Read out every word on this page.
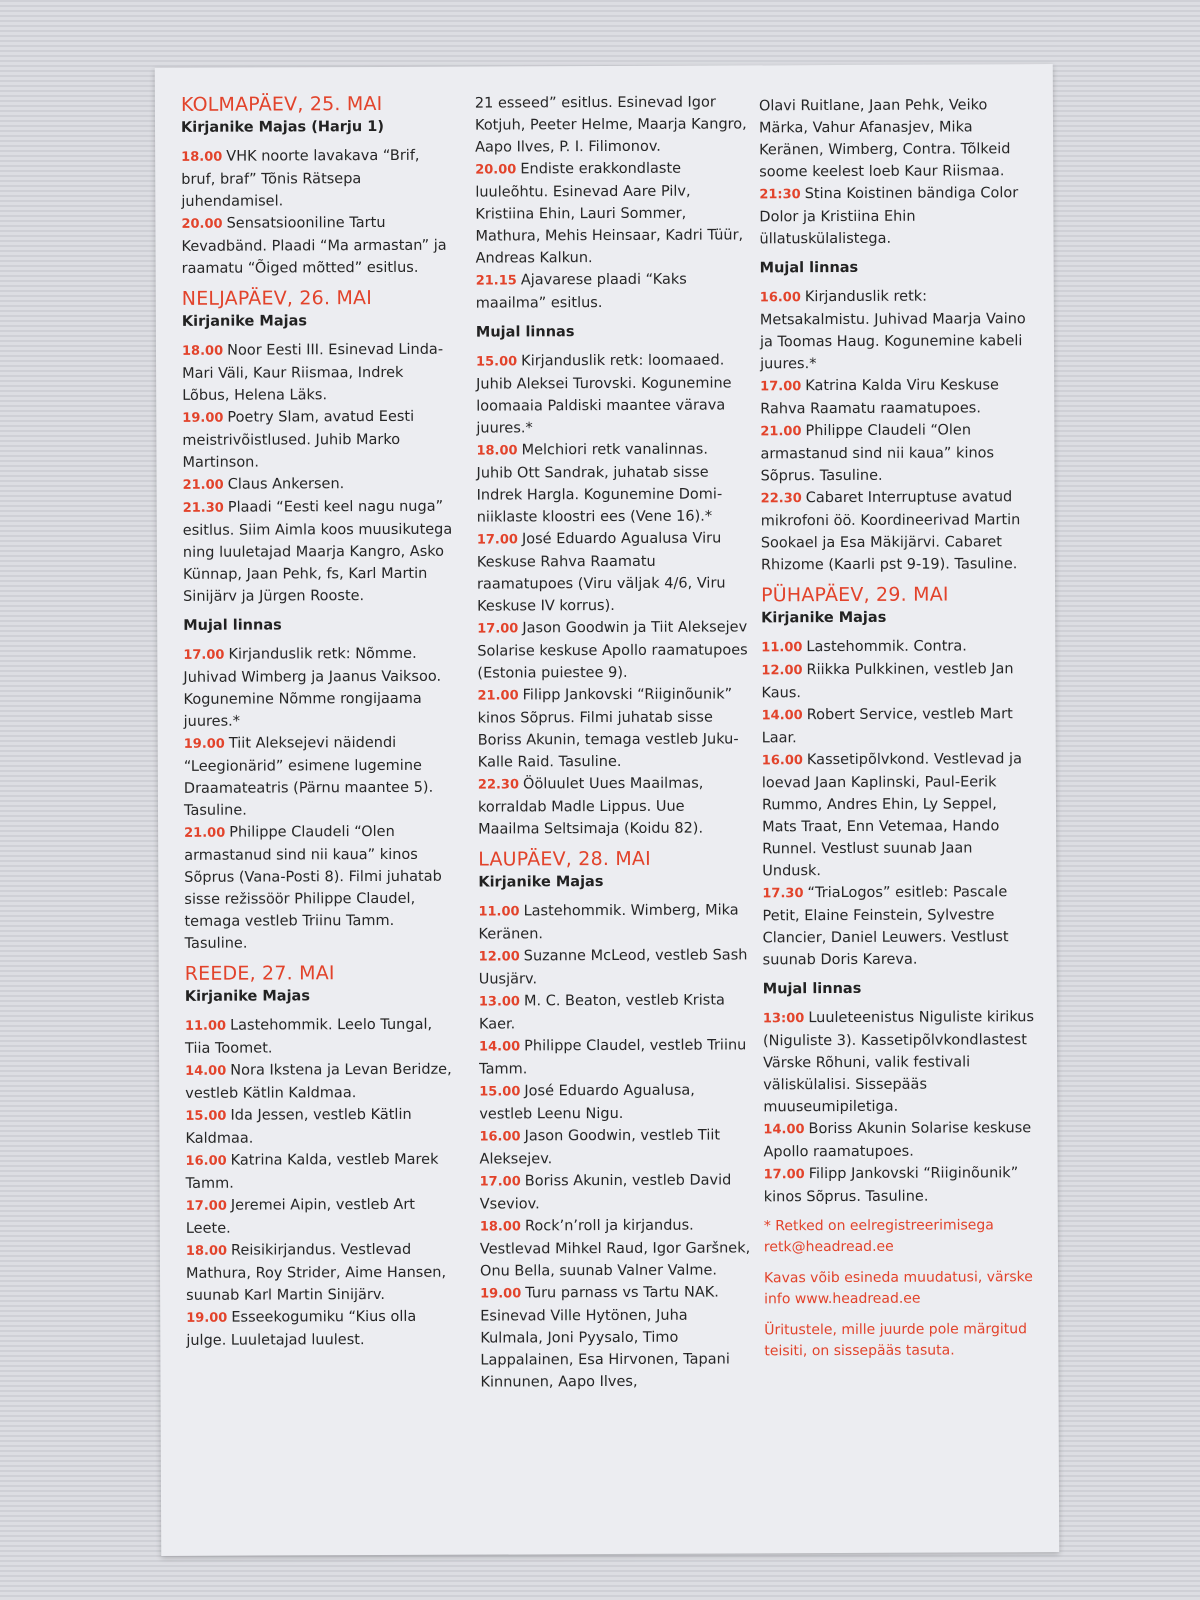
KOLMAPÄEV, 25. MAI
Kirjanike Majas (Harju 1)

18.00 VHK noorte lavakava “Brif, bruf, braf” Tõnis Rätsepa juhendamisel.

20.00 Sensatsiooniline Tartu Kevadbänd. Plaadi “Ma armastan” ja raamatu “Õiged mõtted” esitlus.

NELJAPÄEV, 26. MAI
Kirjanike Majas

18.00 Noor Eesti III. Esinevad Linda-Mari Väli, Kaur Riismaa, Indrek Lõbus, Helena Läks.

19.00 Poetry Slam, avatud Eesti meistrivõistlused. Juhib Marko Martinson.

21.00 Claus Ankersen.

21.30 Plaadi “Eesti keel nagu nuga” esitlus. Siim Aimla koos muusikutega ning luuletajad Maarja Kangro, Asko Künnap, Jaan Pehk, fs, Karl Martin Sinijärv ja Jürgen Rooste.

Mujal linnas

17.00 Kirjanduslik retk: Nõmme. Juhivad Wimberg ja Jaanus Vaiksoo. Kogunemine Nõmme rongijaama juures.*

19.00 Tiit Aleksejevi näidendi “Leegionärid” esimene lugemine Draamateatris (Pärnu maantee 5). Tasuline.

21.00 Philippe Claudeli “Olen armastanud sind nii kaua” kinos Sõprus (Vana-Posti 8). Filmi juhatab sisse režissöör Philippe Claudel, temaga vestleb Triinu Tamm. Tasuline.

REEDE, 27. MAI
Kirjanike Majas

11.00 Lastehommik. Leelo Tungal, Tiia Toomet.

14.00 Nora Ikstena ja Levan Beridze, vestleb Kätlin Kaldmaa.

15.00 Ida Jessen, vestleb Kätlin Kaldmaa.

16.00 Katrina Kalda, vestleb Marek Tamm.

17.00 Jeremei Aipin, vestleb Art Leete.

18.00 Reisikirjandus. Vestlevad Mathura, Roy Strider, Aime Hansen, suunab Karl Martin Sinijärv.

19.00 Esseekogumiku “Kius olla julge. Luuletajad luulest.

21 esseed” esitlus. Esinevad Igor Kotjuh, Peeter Helme, Maarja Kangro, Aapo Ilves, P. I. Filimonov.

20.00 Endiste erakkondlaste luuleõhtu. Esinevad Aare Pilv, Kristiina Ehin, Lauri Sommer, Mathura, Mehis Heinsaar, Kadri Tüür, Andreas Kalkun.

21.15 Ajavarese plaadi “Kaks maailma” esitlus.

Mujal linnas

15.00 Kirjanduslik retk: loomaaed. Juhib Aleksei Turovski. Kogunemine loomaaia Paldiski maantee värava juures.*

18.00 Melchiori retk vanalinnas. Juhib Ott Sandrak, juhatab sisse Indrek Hargla. Kogunemine Domi-niiklaste kloostri ees (Vene 16).*

17.00 José Eduardo Agualusa Viru Keskuse Rahva Raamatu raamatupoes (Viru väljak 4/6, Viru Keskuse IV korrus).

17.00 Jason Goodwin ja Tiit Aleksejev Solarise keskuse Apollo raamatupoes (Estonia puiestee 9).

21.00 Filipp Jankovski “Riiginõunik” kinos Sõprus. Filmi juhatab sisse Boriss Akunin, temaga vestleb Juku-Kalle Raid. Tasuline.

22.30 Ööluulet Uues Maailmas, korraldab Madle Lippus. Uue Maailma Seltsimaja (Koidu 82).

LAUPÄEV, 28. MAI
Kirjanike Majas

11.00 Lastehommik. Wimberg, Mika Keränen.

12.00 Suzanne McLeod, vestleb Sash Uusjärv.

13.00 M. C. Beaton, vestleb Krista Kaer.

14.00 Philippe Claudel, vestleb Triinu Tamm.

15.00 José Eduardo Agualusa, vestleb Leenu Nigu.

16.00 Jason Goodwin, vestleb Tiit Aleksejev.

17.00 Boriss Akunin, vestleb David Vseviov.

18.00 Rock’n’roll ja kirjandus. Vestlevad Mihkel Raud, Igor Garšnek, Onu Bella, suunab Valner Valme.

19.00 Turu parnass vs Tartu NAK. Esinevad Ville Hytönen, Juha Kulmala, Joni Pyysalo, Timo Lappalainen, Esa Hirvonen, Tapani Kinnunen, Aapo Ilves,

Olavi Ruitlane, Jaan Pehk, Veiko Märka, Vahur Afanasjev, Mika Keränen, Wimberg, Contra. Tõlkeid soome keelest loeb Kaur Riismaa.

21:30 Stina Koistinen bändiga Color Dolor ja Kristiina Ehin üllatuskülalistega.

Mujal linnas

16.00 Kirjanduslik retk: Metsakalmistu. Juhivad Maarja Vaino ja Toomas Haug. Kogunemine kabeli juures.*

17.00 Katrina Kalda Viru Keskuse Rahva Raamatu raamatupoes.

21.00 Philippe Claudeli “Olen armastanud sind nii kaua” kinos Sõprus. Tasuline.

22.30 Cabaret Interruptuse avatud mikrofoni öö. Koordineerivad Martin Sookael ja Esa Mäkijärvi. Cabaret Rhizome (Kaarli pst 9-19). Tasuline.

PÜHAPÄEV, 29. MAI
Kirjanike Majas

11.00 Lastehommik. Contra.

12.00 Riikka Pulkkinen, vestleb Jan Kaus.

14.00 Robert Service, vestleb Mart Laar.

16.00 Kassetipõlvkond. Vestlevad ja loevad Jaan Kaplinski, Paul-Eerik Rummo, Andres Ehin, Ly Seppel, Mats Traat, Enn Vetemaa, Hando Runnel. Vestlust suunab Jaan Undusk.

17.30 “TriaLogos” esitleb: Pascale Petit, Elaine Feinstein, Sylvestre Clancier, Daniel Leuwers. Vestlust suunab Doris Kareva.

Mujal linnas

13:00 Luuleteenistus Niguliste kirikus (Niguliste 3). Kassetipõlvkondlastest Värske Rõhuni, valik festivali väliskülalisi. Sissepääs muuseumipiletiga.

14.00 Boriss Akunin Solarise keskuse Apollo raamatupoes.

17.00 Filipp Jankovski “Riiginõunik” kinos Sõprus. Tasuline.

* Retked on eelregistreerimisega retk@headread.ee

Kavas võib esineda muudatusi, värske info www.headread.ee

Üritustele, mille juurde pole märgitud teisiti, on sissepääs tasuta.
